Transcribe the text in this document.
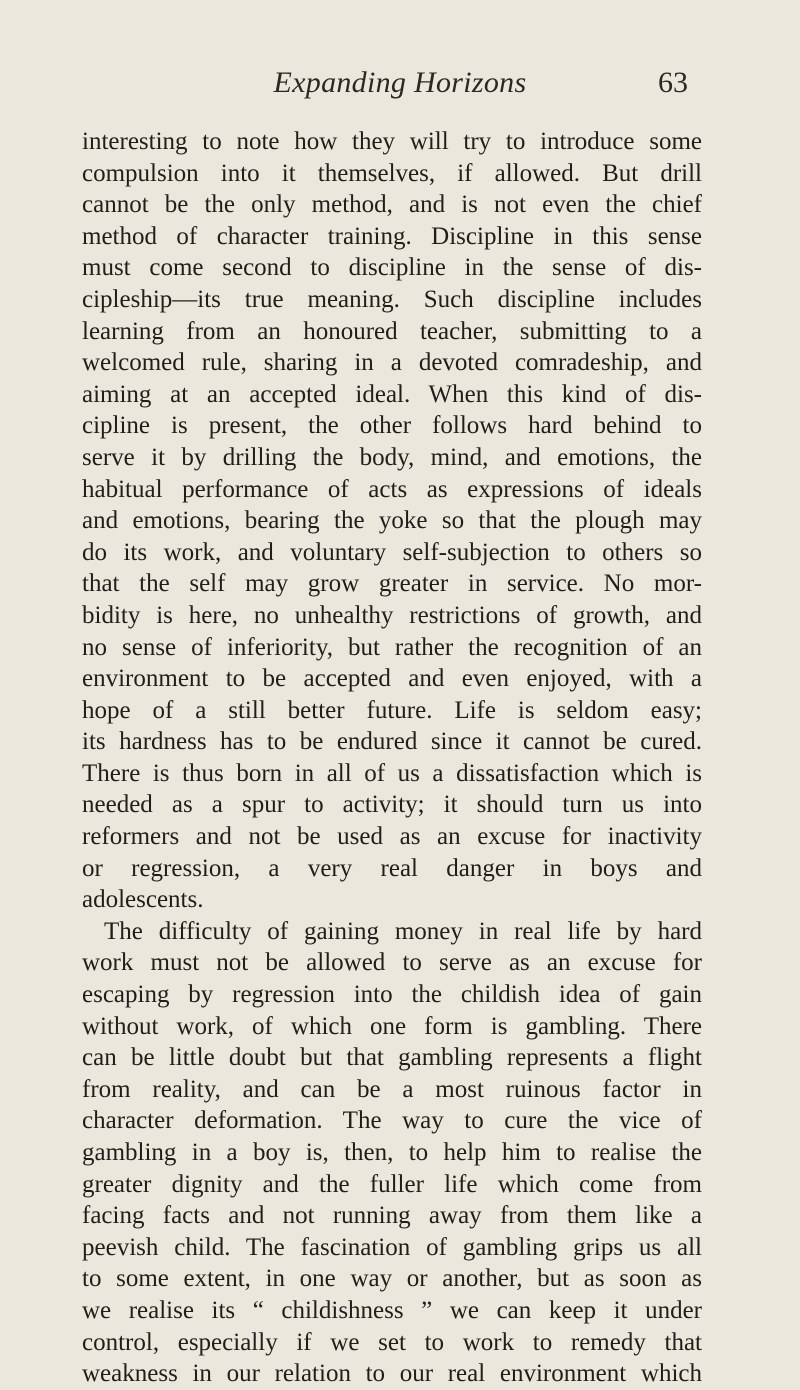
Expanding Horizons	63
interesting to note how they will try to introduce some
compulsion into it themselves, if allowed. But drill
cannot be the only method, and is not even the chief
method of character training. Discipline in this sense
must come second to discipline in the sense of dis-
cipleship—its true meaning. Such discipline includes
learning from an honoured teacher, submitting to a
welcomed rule, sharing in a devoted comradeship, and
aiming at an accepted ideal. When this kind of dis-
cipline is present, the other follows hard behind to
serve it by drilling the body, mind, and emotions, the
habitual performance of acts as expressions of ideals
and emotions, bearing the yoke so that the plough may
do its work, and voluntary self-subjection to others so
that the self may grow greater in service. No mor-
bidity is here, no unhealthy restrictions of growth, and
no sense of inferiority, but rather the recognition of an
environment to be accepted and even enjoyed, with a
hope of a still better future. Life is seldom easy;
its hardness has to be endured since it cannot be cured.
There is thus born in all of us a dissatisfaction which is
needed as a spur to activity; it should turn us into
reformers and not be used as an excuse for inactivity
or regression, a very real danger in boys and
adolescents.
The difficulty of gaining money in real life by hard
work must not be allowed to serve as an excuse for
escaping by regression into the childish idea of gain
without work, of which one form is gambling. There
can be little doubt but that gambling represents a flight
from reality, and can be a most ruinous factor in
character deformation. The way to cure the vice of
gambling in a boy is, then, to help him to realise the
greater dignity and the fuller life which come from
facing facts and not running away from them like a
peevish child. The fascination of gambling grips us all
to some extent, in one way or another, but as soon as
we realise its “ childishness ” we can keep it under
control, especially if we set to work to remedy that
weakness in our relation to our real environment which
